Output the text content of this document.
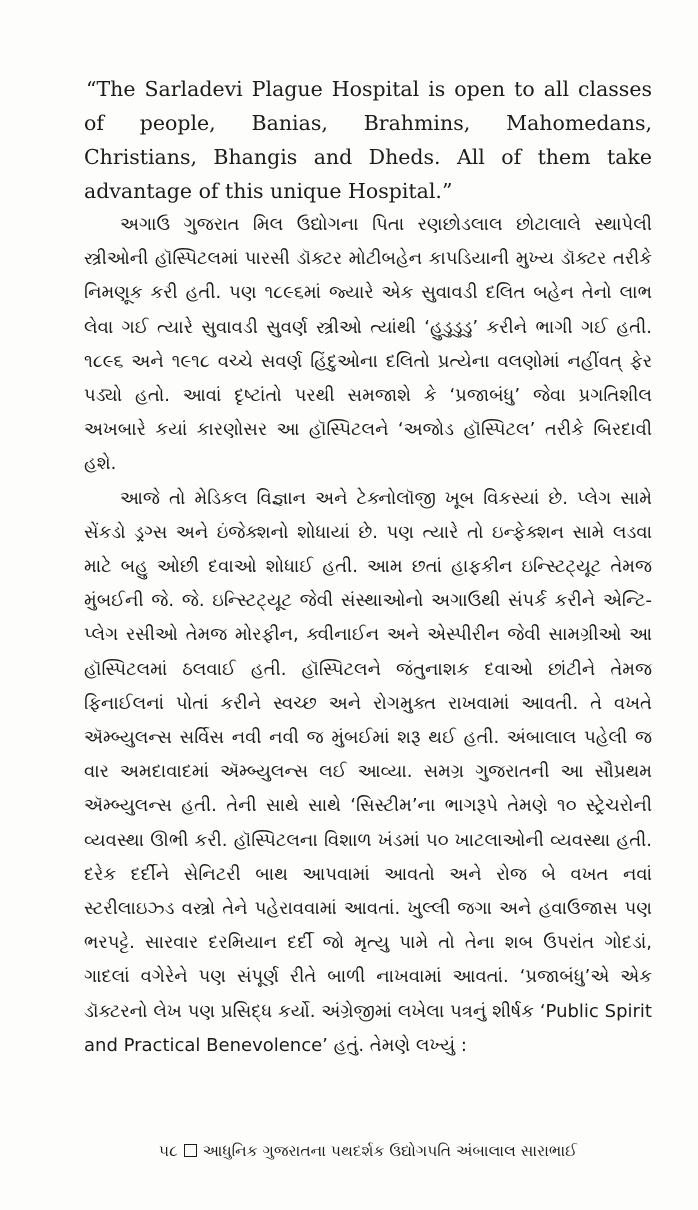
“The Sarladevi Plague Hospital is open to all classes of people, Banias, Brahmins, Mahomedans, Christians, Bhangis and Dheds. All of them take advantage of this unique Hospital.”

અગાઉ ગુજરાત મિલ ઉદ્યોગના પિતા રણછોડલાલ છોટાલાલે સ્થાપેલી સ્ત્રીઓની હૉસ્પિટલમાં પારસી ડૉક્ટર મોટીબહેન કાપડિયાની મુખ્ય ડૉક્ટર તરીકે નિમણૂક કરી હતી. પણ ૧૮૯૬માં જ્યારે એક સુવાવડી દલિત બહેન તેનો લાભ લેવા ગઈ ત્યારે સુવાવડી સુવર્ણ સ્ત્રીઓ ત્યાંથી ‘હુડુડુડુ’ કરીને ભાગી ગઈ હતી. ૧૮૯૬ અને ૧૯૧૮ વચ્ચે સવર્ણ હિંદુઓના દલિતો પ્રત્યેના વલણોમાં નહીંવત્ ફેર પડ્યો હતો. આવાં દૃષ્ટાંતો પરથી સમજાશે કે ‘પ્રજાબંધુ’ જેવા પ્રગતિશીલ અખબારે કયાં કારણોસર આ હૉસ્પિટલને ‘અજોડ હૉસ્પિટલ’ તરીકે બિરદાવી હશે.

આજે તો મેડિકલ વિજ્ઞાન અને ટેક્નોલૉજી ખૂબ વિકસ્યાં છે. પ્લેગ સામે સેંકડો ડ્રગ્સ અને ઇંજેક્શનો શોધાયાં છે. પણ ત્યારે તો ઇન્ફેક્શન સામે લડવા માટે બહુ ઓછી દવાઓ શોધાઈ હતી. આમ છતાં હાફકીન ઇન્સ્ટિટ્યૂટ તેમજ મુંબઈની જે. જે. ઇન્સ્ટિટ્યૂટ જેવી સંસ્થાઓનો અગાઉથી સંપર્ક કરીને એન્ટિ-પ્લેગ રસીઓ તેમજ મોરફીન, ક્વીનાઈન અને એસ્પીરીન જેવી સામગ્રીઓ આ હૉસ્પિટલમાં ઠલવાઈ હતી. હૉસ્પિટલને જંતુનાશક દવાઓ છાંટીને તેમજ ફિનાઈલનાં પોતાં કરીને સ્વચ્છ અને રોગમુક્ત રાખવામાં આવતી. તે વખતે ઍમ્બ્યુલન્સ સર્વિસ નવી નવી જ મુંબઈમાં શરૂ થઈ હતી. અંબાલાલ પહેલી જ વાર અમદાવાદમાં ઍમ્બ્યુલન્સ લઈ આવ્યા. સમગ્ર ગુજરાતની આ સૌપ્રથમ ઍમ્બ્યુલન્સ હતી. તેની સાથે સાથે ‘સિસ્ટીમ’ના ભાગરૂપે તેમણે ૧૦ સ્ટ્રેચરોની વ્યવસ્થા ઊભી કરી. હૉસ્પિટલના વિશાળ ખંડમાં ૫૦ ખાટલાઓની વ્યવસ્થા હતી. દરેક દર્દીને સેનિટરી બાથ આપવામાં આવતો અને રોજ બે વખત નવાં સ્ટરીલાઇઝ્ડ વસ્ત્રો તેને પહેરાવવામાં આવતાં. ખુલ્લી જગા અને હવાઉજાસ પણ ભરપટ્ટે. સારવાર દરમિયાન દર્દી જો મૃત્યુ પામે તો તેના શબ ઉપરાંત ગોદડાં, ગાદલાં વગેરેને પણ સંપૂર્ણ રીતે બાળી નાખવામાં આવતાં. ‘પ્રજાબંધુ’એ એક ડૉક્ટરનો લેખ પણ પ્રસિદ્ધ કર્યો. અંગ્રેજીમાં લખેલા પત્રનું શીર્ષક ‘Public Spirit and Practical Benevolence’ હતું. તેમણે લખ્યું :

૫૮ આધુનિક ગુજરાતના પથદર્શક ઉદ્યોગપતિ અંબાલાલ સારાભાઈ
